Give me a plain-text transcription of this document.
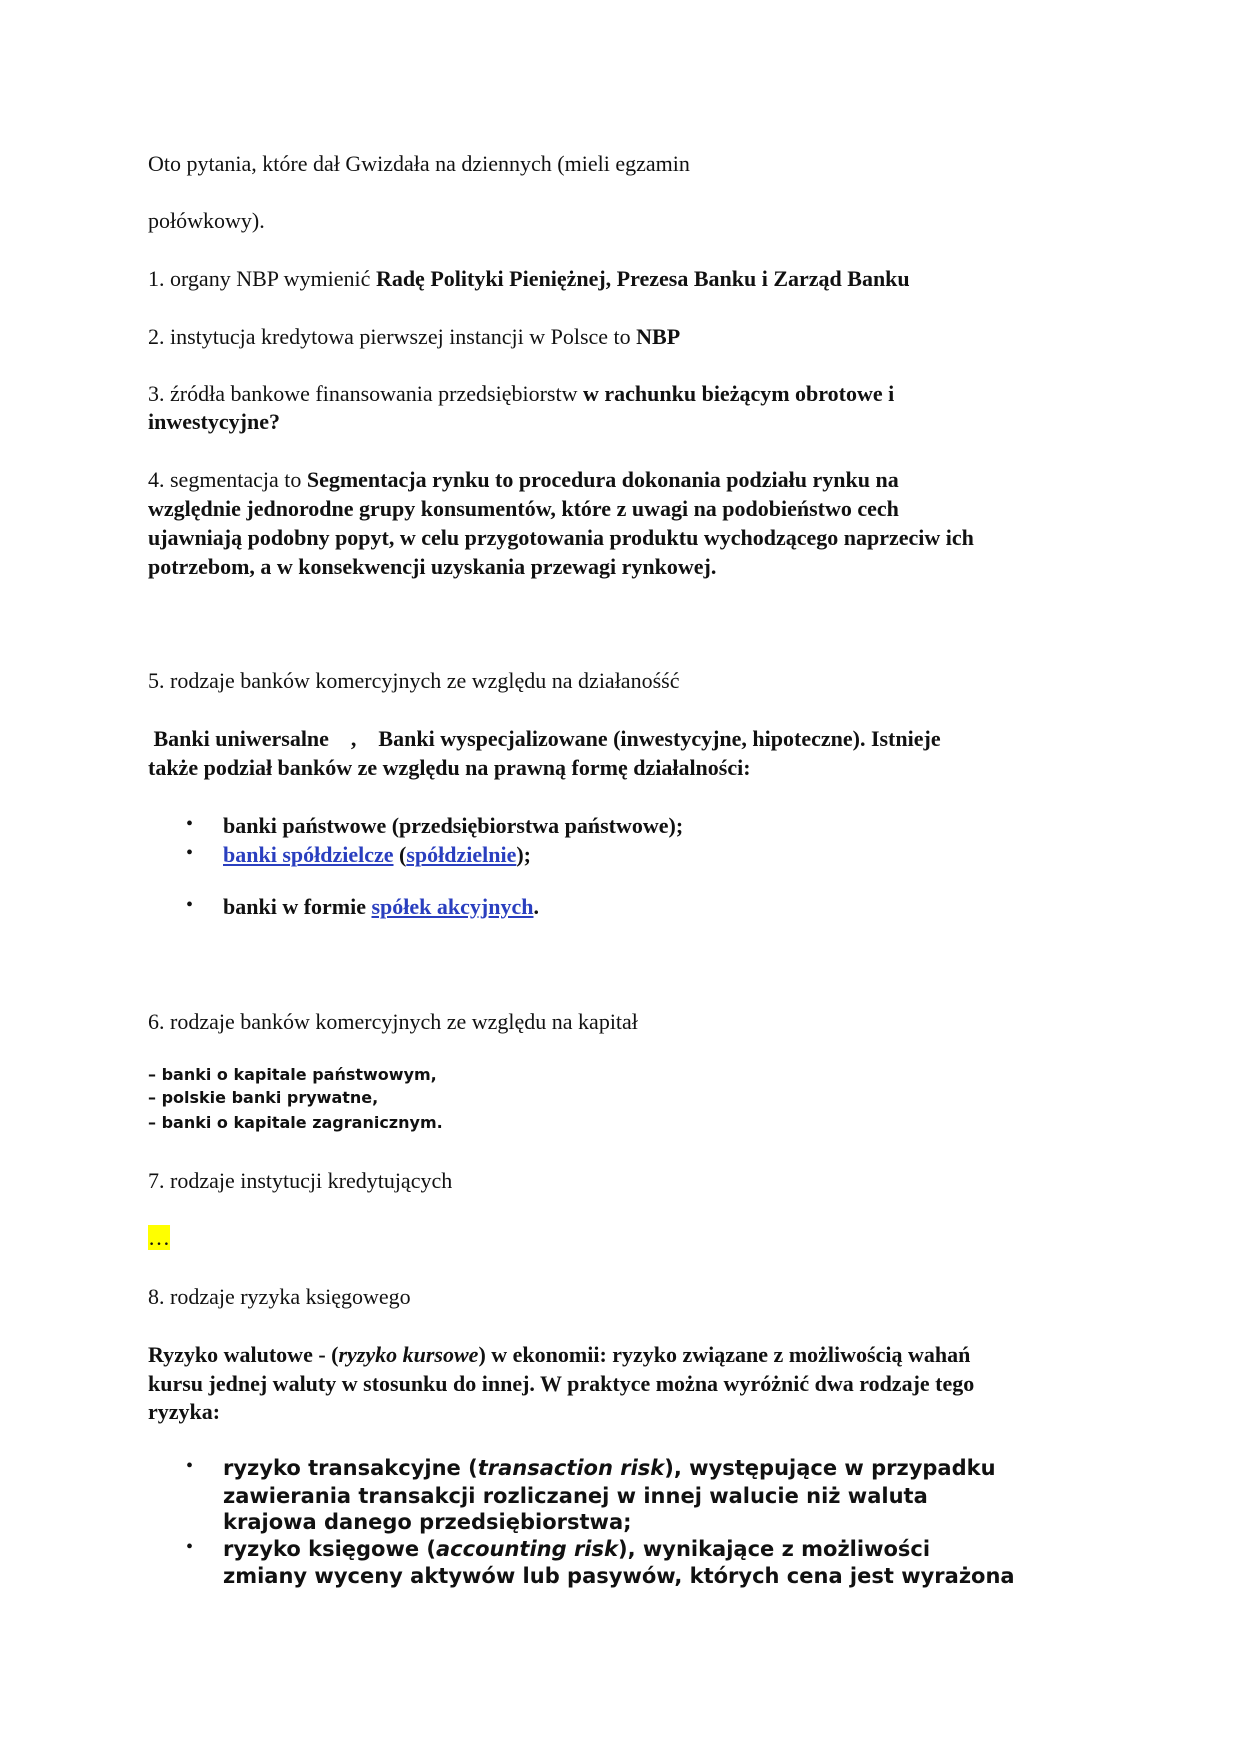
Oto pytania, które dał Gwizdała na dziennych (mieli egzamin
połówkowy).
1. organy NBP wymienić Radę Polityki Pieniężnej, Prezesa Banku i Zarząd Banku
2. instytucja kredytowa pierwszej instancji w Polsce to NBP
3. źródła bankowe finansowania przedsiębiorstw w rachunku bieżącym obrotowe i
inwestycyjne?
4. segmentacja to Segmentacja rynku to procedura dokonania podziału rynku na
względnie jednorodne grupy konsumentów, które z uwagi na podobieństwo cech
ujawniają podobny popyt, w celu przygotowania produktu wychodzącego naprzeciw ich
potrzebom, a w konsekwencji uzyskania przewagi rynkowej.
5. rodzaje banków komercyjnych ze względu na działanośść
Banki uniwersalne    ,    Banki wyspecjalizowane (inwestycyjne, hipoteczne). Istnieje
także podział banków ze względu na prawną formę działalności:
• banki państwowe (przedsiębiorstwa państwowe);
• banki spółdzielcze (spółdzielnie);
• banki w formie spółek akcyjnych.
6. rodzaje banków komercyjnych ze względu na kapitał
– banki o kapitale państwowym,
– polskie banki prywatne,
– banki o kapitale zagranicznym.
7. rodzaje instytucji kredytujących
…
8. rodzaje ryzyka księgowego
Ryzyko walutowe - (ryzyko kursowe) w ekonomii: ryzyko związane z możliwością wahań
kursu jednej waluty w stosunku do innej. W praktyce można wyróżnić dwa rodzaje tego
ryzyka:
• ryzyko transakcyjne (transaction risk), występujące w przypadku
zawierania transakcji rozliczanej w innej walucie niż waluta
krajowa danego przedsiębiorstwa;
• ryzyko księgowe (accounting risk), wynikające z możliwości
zmiany wyceny aktywów lub pasywów, których cena jest wyrażona
